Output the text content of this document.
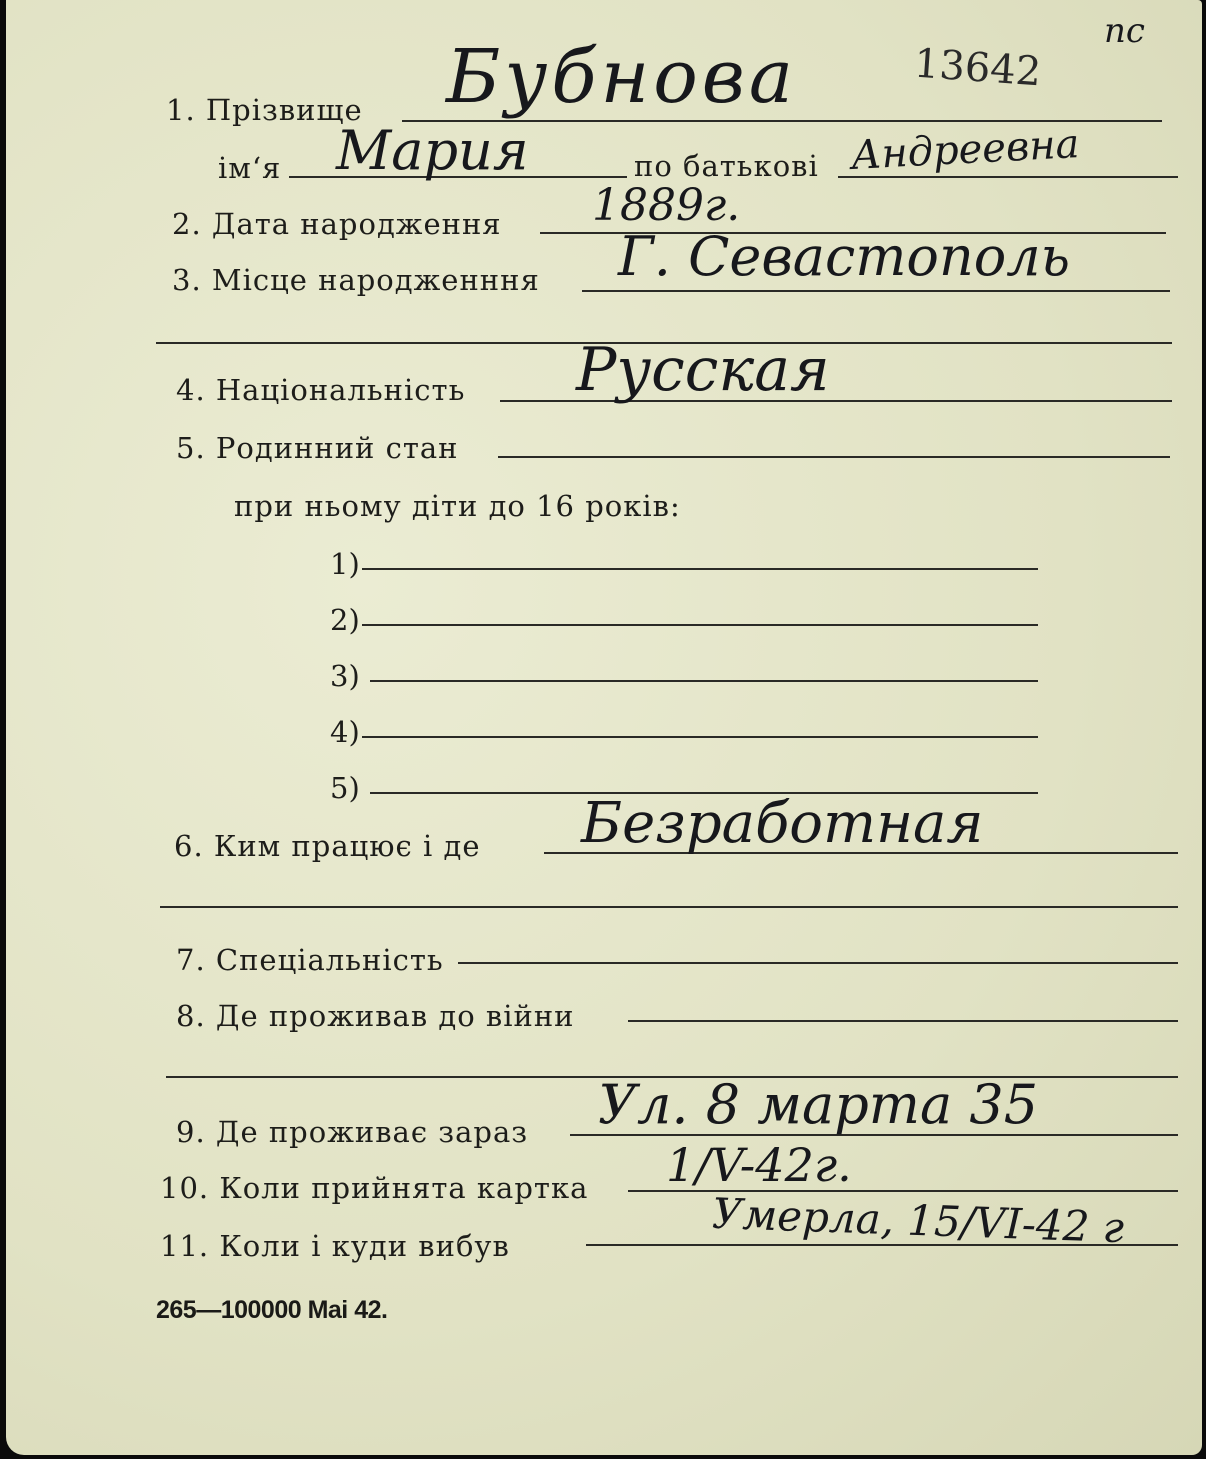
пс
13642
1. Прізвище Бубнова
ім‘я Мария	по батькові Андреевна
2. Дата народження 1889г.
3. Місце народженння Г. Севастополь
4. Національність Русская
5. Родинний стан
при ньому діти до 16 років:
1)
2)
3)
4)
5)
6. Ким працює і де Безработная
7. Спеціальність
8. Де проживав до війни
9. Де проживає зараз Ул. 8 марта 35
10. Коли прийнята картка 1/V-42г.
11. Коли і куди вибув	Умерла, 15/VI-42 г
265—100000 Mai 42.
